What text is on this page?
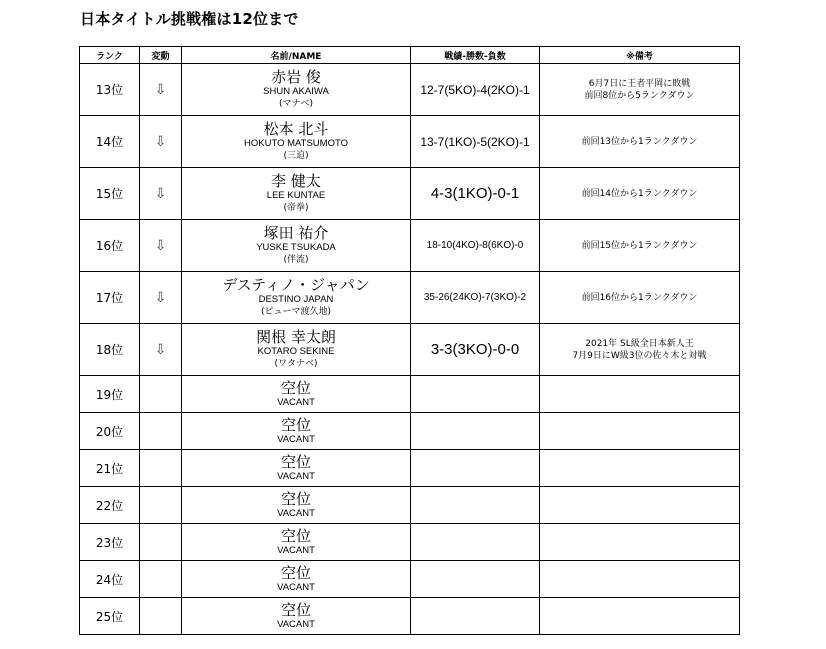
日本タイトル挑戦権は12位まで
ランク	変動	名前/NAME	戦績-勝数-負数	※備考
13位	⇩	赤岩 俊
SHUN AKAIWA
(マナベ)	12-7(5KO)-4(2KO)-1	6月7日に王者平岡に敗戦
前回8位から5ランクダウン

14位	⇩	松本 北斗
HOKUTO MATSUMOTO
(三迫)	13-7(1KO)-5(2KO)-1	前回13位から1ランクダウン

15位	⇩	李 健太
LEE KUNTAE
(帝拳)	4-3(1KO)-0-1	前回14位から1ランクダウン

16位	⇩	塚田 祐介
YUSKE TSUKADA
(伴流)	18-10(4KO)-8(6KO)-0	前回15位から1ランクダウン

17位	⇩	デスティノ・ジャパン
DESTINO JAPAN
(ピューマ渡久地)	35-26(24KO)-7(3KO)-2	前回16位から1ランクダウン

18位	⇩	関根 幸太朗
KOTARO SEKINE
(ワタナベ)	3-3(3KO)-0-0	2021年 SL級全日本新人王
7月9日にW級3位の佐々木と対戦

19位		空位
VACANT		

20位		空位
VACANT		

21位		空位
VACANT		

22位		空位
VACANT		

23位		空位
VACANT		

24位		空位
VACANT		

25位		空位
VACANT		
